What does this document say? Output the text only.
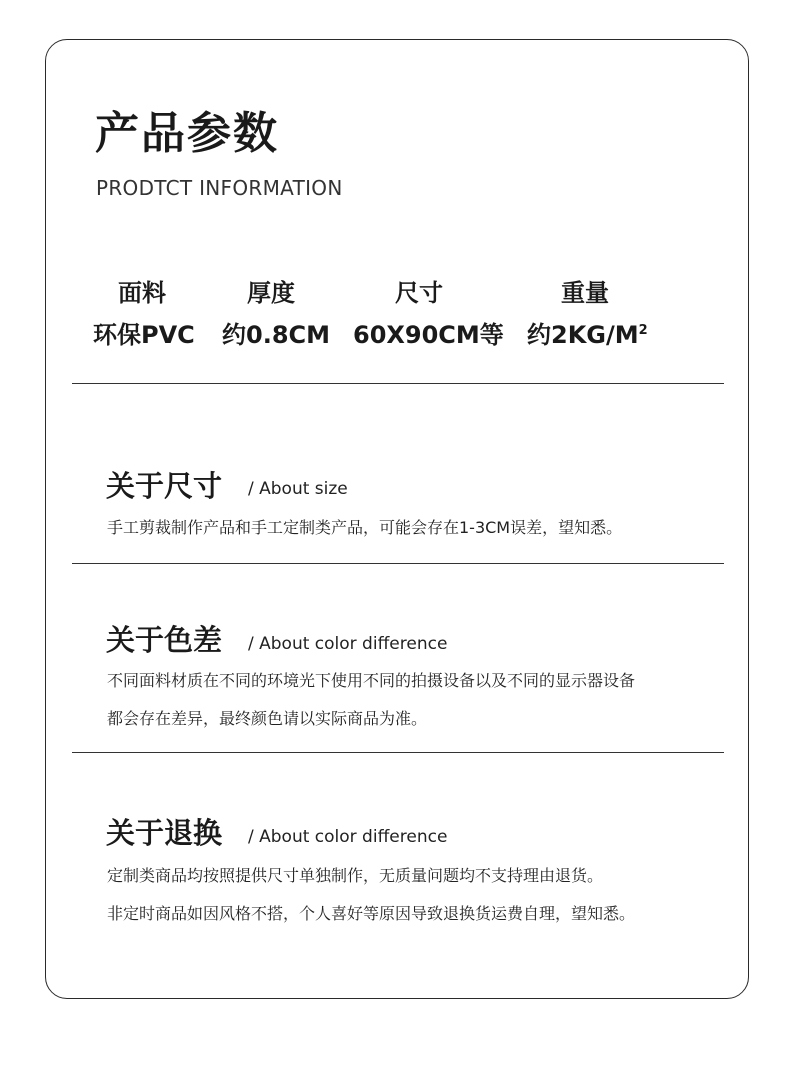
产品参数
PRODTCT INFORMATION
面料	厚度	尺寸	重量
环保PVC 约0.8CM 60X90CM等 约$2KG/M^2$
关于尺寸 / About size
手工剪裁制作产品和手工定制类产品，可能会存在1-3CM误差，望知悉。
关于色差 / About color difference
不同面料材质在不同的环境光下使用不同的拍摄设备以及不同的显示器设备
都会存在差异，最终颜色请以实际商品为准。
关于退换 / About color difference
定制类商品均按照提供尺寸单独制作，无质量问题均不支持理由退货。
非定时商品如因风格不搭，个人喜好等原因导致退换货运费自理，望知悉。
